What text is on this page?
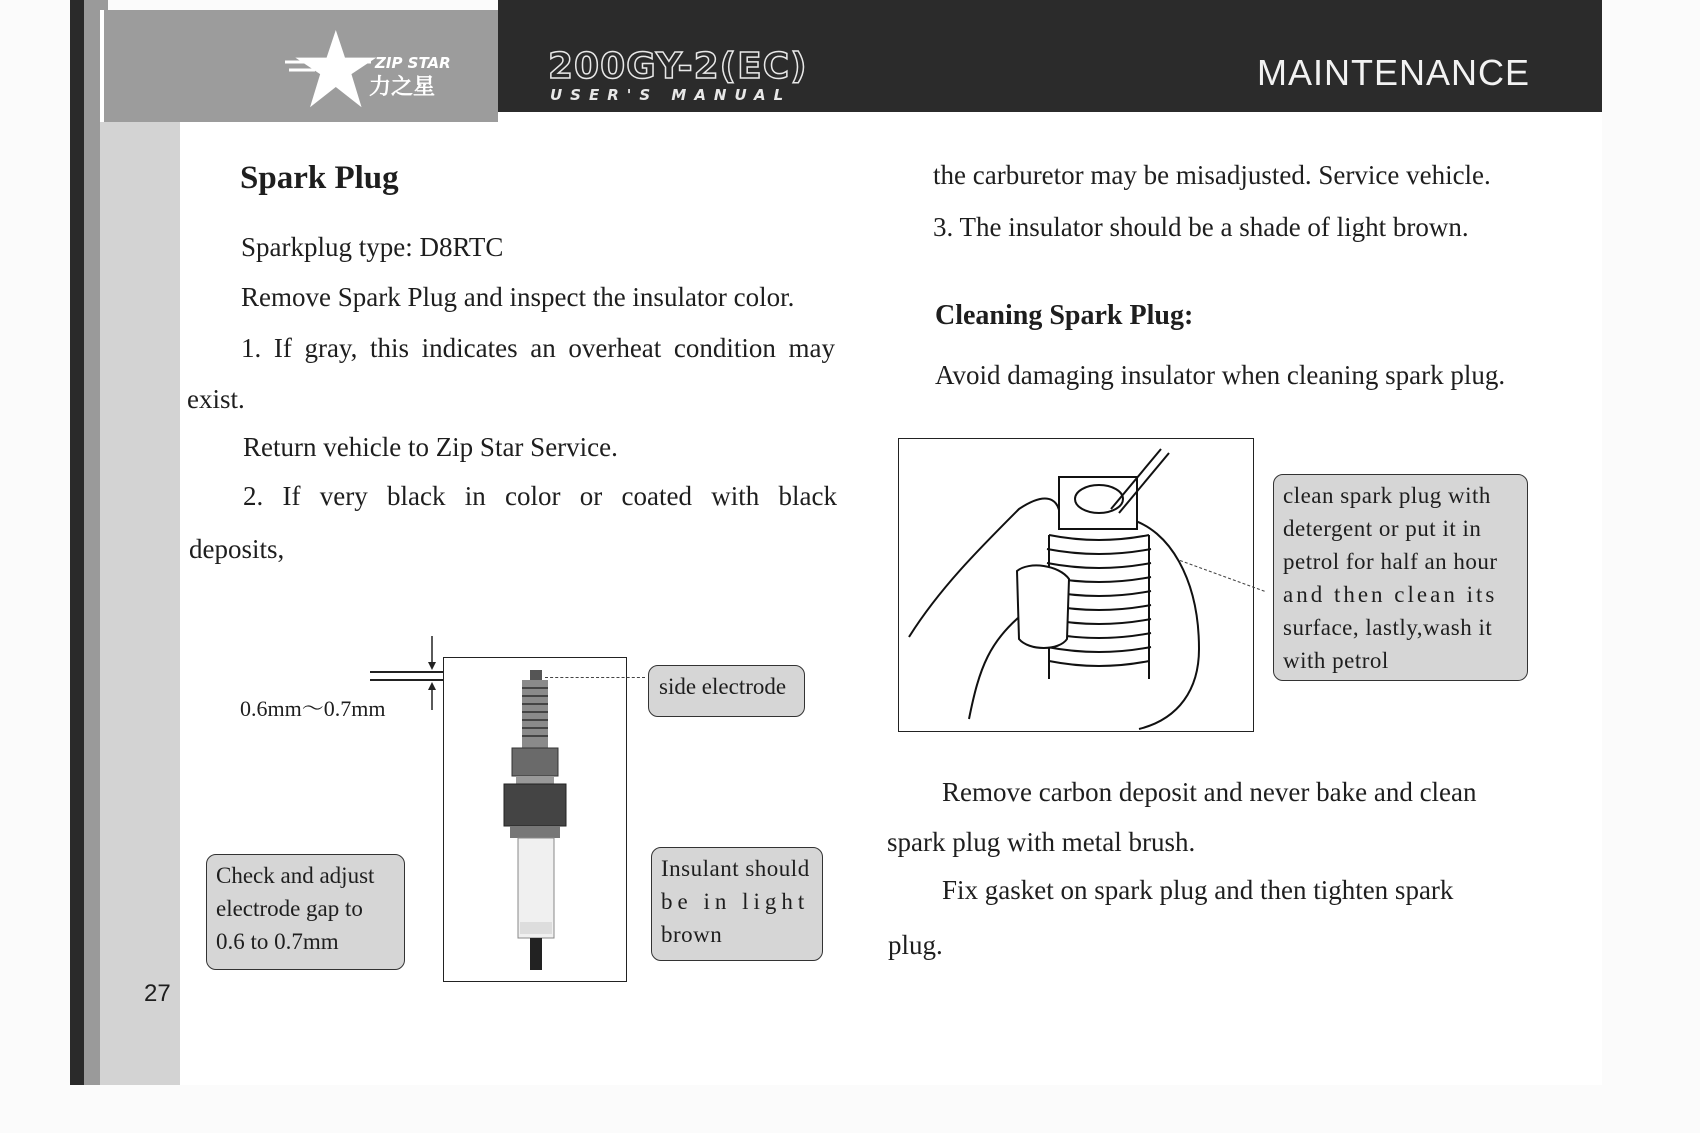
ZIP STAR
力之星
200GY-2(EC)
USER'S MANUAL
MAINTENANCE
Spark Plug
Sparkplug type: D8RTC
Remove Spark Plug and inspect the insulator color.
1. If gray, this indicates an overheat condition may
exist.
Return vehicle to Zip Star Service.
2. If very black in color or coated with black
deposits,
0.6mm～0.7mm
side electrode
Check and adjust
electrode gap to
0.6 to 0.7mm
Insulant should
be in light
brown
the carburetor may be misadjusted. Service vehicle.
3. The insulator should be a shade of light brown.
Cleaning Spark Plug:
Avoid damaging insulator when cleaning spark plug.
clean spark plug with
detergent or put it in
petrol for half an hour
and then clean its
surface, lastly,wash it
with petrol
Remove carbon deposit and never bake and clean
spark plug with metal brush.
Fix gasket on spark plug and then tighten spark
plug.
27
